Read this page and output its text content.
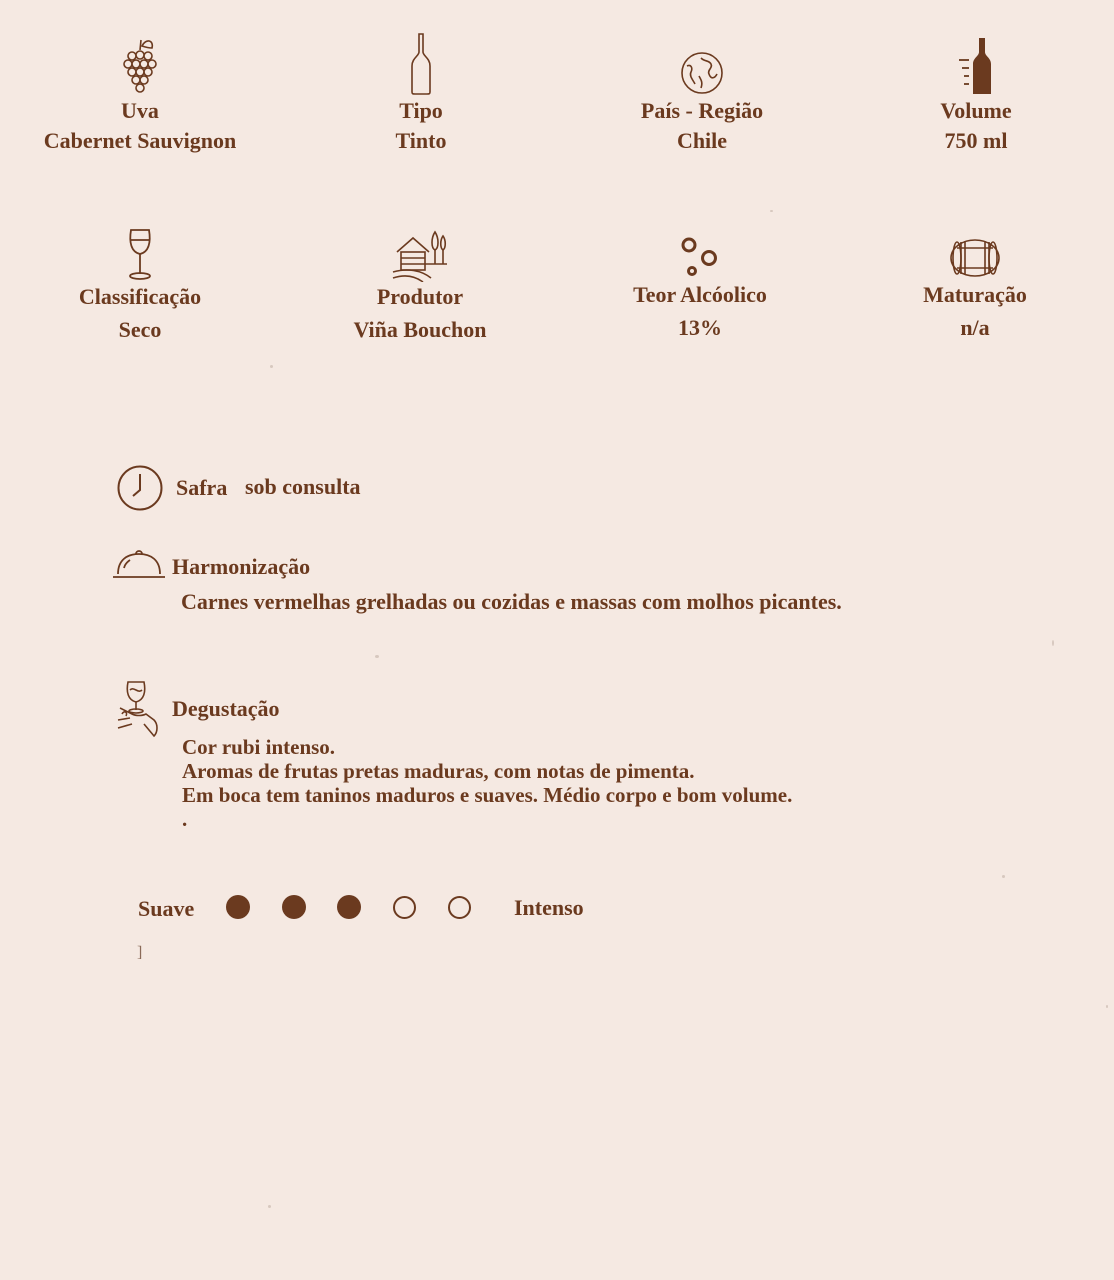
Uva
Cabernet Sauvignon
Tipo
Tinto
País - Região
Chile
Volume
750 ml
Classificação
Seco
Produtor
Viña Bouchon
Teor Alcóolico
13%
Maturação
n/a
Safra sob consulta
Harmonização
Carnes vermelhas grelhadas ou cozidas e massas com molhos picantes.
Degustação
Cor rubi intenso.
Aromas de frutas pretas maduras, com notas de pimenta.
Em boca tem taninos maduros e suaves. Médio corpo e bom volume.
.
Suave	Intenso
]
